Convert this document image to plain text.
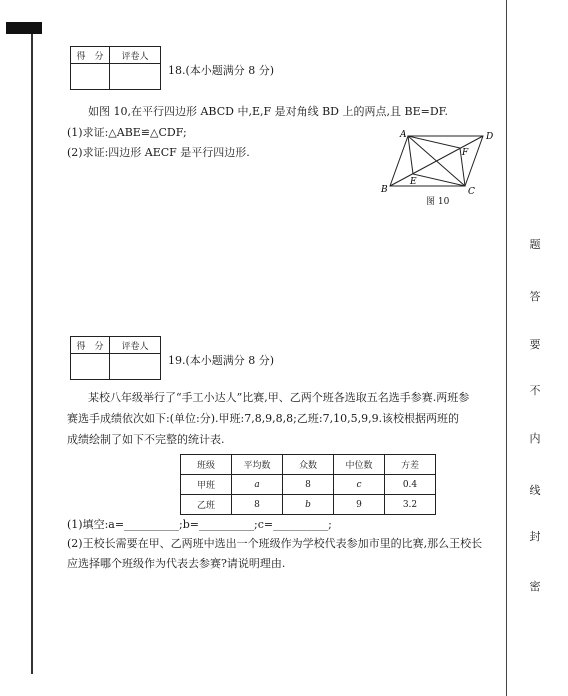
得　分	评卷人

18.(本小题满分 8 分)
如图 10,在平行四边形 ABCD 中,E,F 是对角线 BD 上的两点,且 BE=DF.
(1)求证:△ABE≌△CDF;
(2)求证:四边形 AECF 是平行四边形.
A	D
B	C
E
F
图 10
得　分	评卷人

19.(本小题满分 8 分)
某校八年级举行了“手工小达人”比赛,甲、乙两个班各选取五名选手参赛.两班参
赛选手成绩依次如下:(单位:分).甲班:7,8,9,8,8;乙班:7,10,5,9,9.该校根据两班的
成绩绘制了如下不完整的统计表.
班级	平均数	众数	中位数	方差
甲班	a	8	c	0.4
乙班	8	b	9	3.2
(1)填空:a=__________;b=__________;c=__________;
(2)王校长需要在甲、乙两班中选出一个班级作为学校代表参加市里的比赛,那么王校长
应选择哪个班级作为代表去参赛?请说明理由.
题
答
要
不
内
线
封
密
